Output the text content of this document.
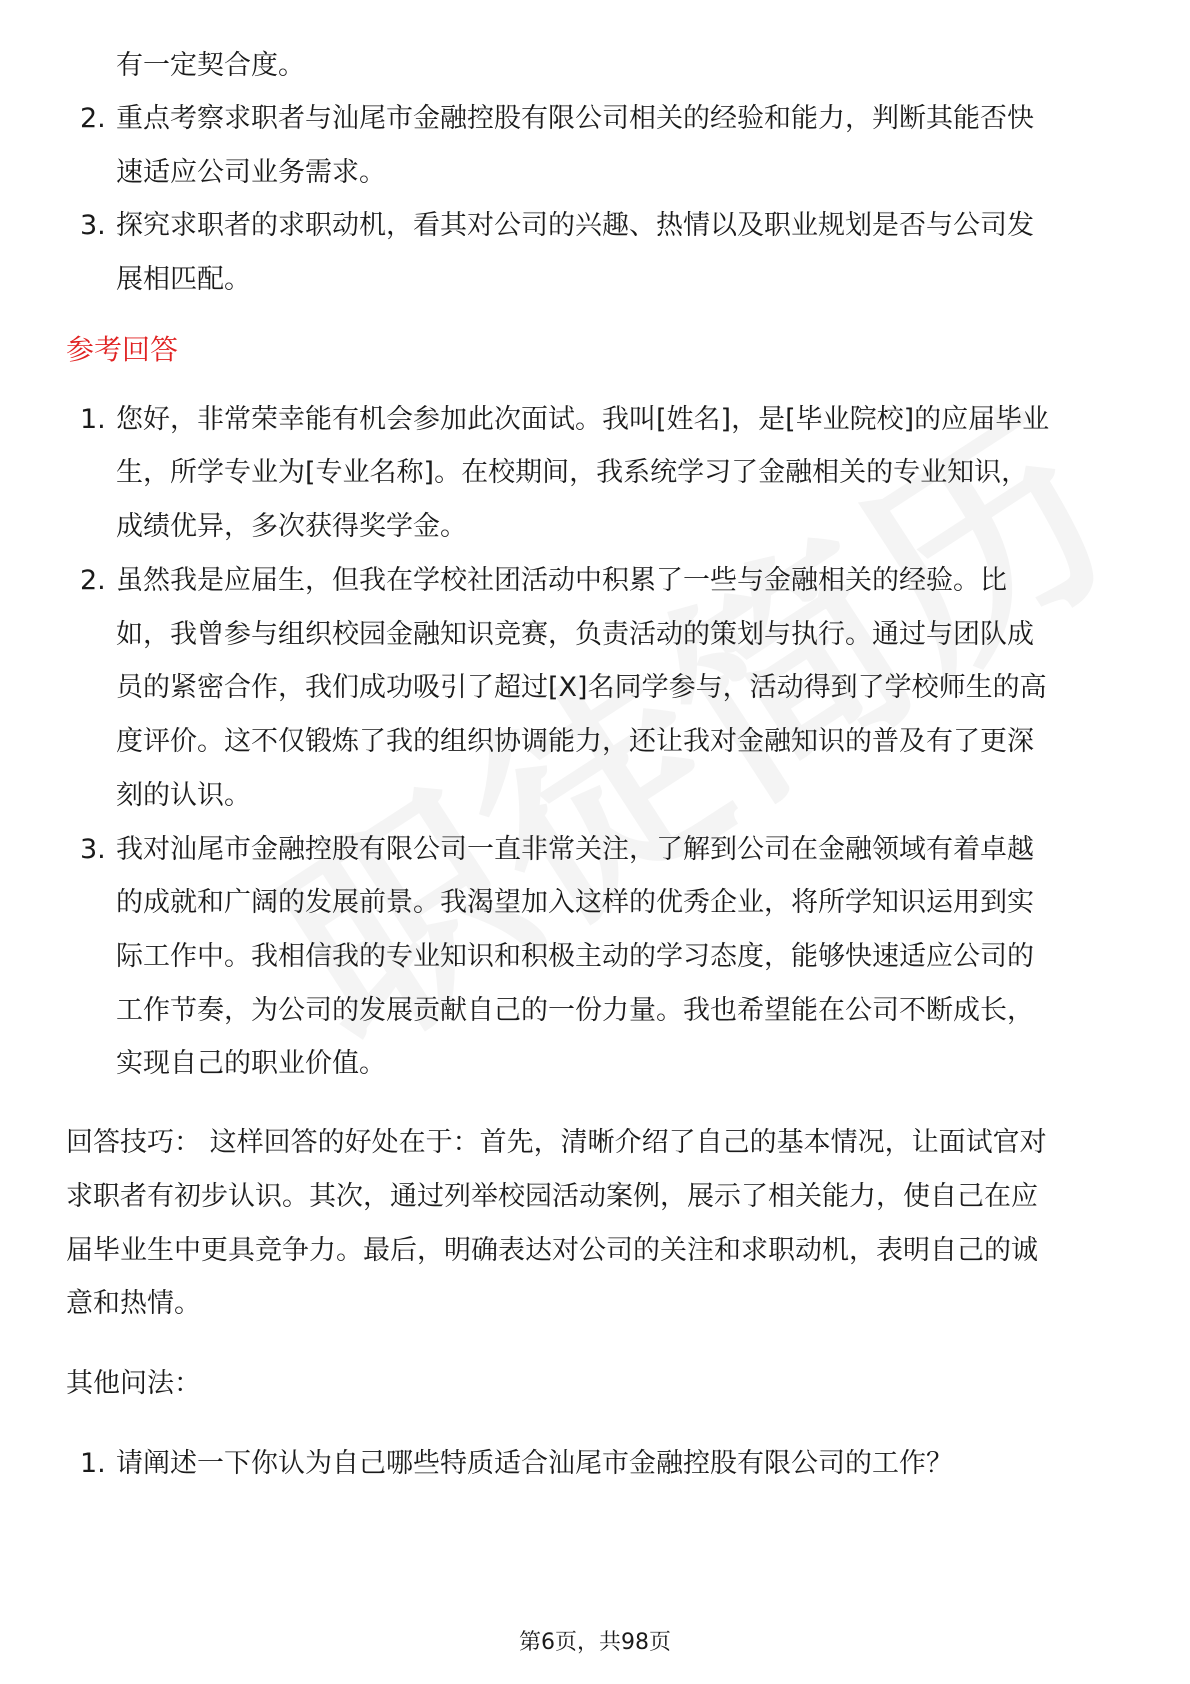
有一定契合度。
2. 重点考察求职者与汕尾市金融控股有限公司相关的经验和能力，判断其能否快
速适应公司业务需求。
3. 探究求职者的求职动机，看其对公司的兴趣、热情以及职业规划是否与公司发
展相匹配。
参考回答
1. 您好，非常荣幸能有机会参加此次面试。我叫[姓名]，是[毕业院校]的应届毕业
生，所学专业为[专业名称]。在校期间，我系统学习了金融相关的专业知识，
成绩优异，多次获得奖学金。
2. 虽然我是应届生，但我在学校社团活动中积累了一些与金融相关的经验。比
如，我曾参与组织校园金融知识竞赛，负责活动的策划与执行。通过与团队成
员的紧密合作，我们成功吸引了超过[X]名同学参与，活动得到了学校师生的高
度评价。这不仅锻炼了我的组织协调能力，还让我对金融知识的普及有了更深
刻的认识。
3. 我对汕尾市金融控股有限公司一直非常关注，了解到公司在金融领域有着卓越
的成就和广阔的发展前景。我渴望加入这样的优秀企业，将所学知识运用到实
际工作中。我相信我的专业知识和积极主动的学习态度，能够快速适应公司的
工作节奏，为公司的发展贡献自己的一份力量。我也希望能在公司不断成长，
实现自己的职业价值。
回答技巧： 这样回答的好处在于：首先，清晰介绍了自己的基本情况，让面试官对
求职者有初步认识。其次，通过列举校园活动案例，展示了相关能力，使自己在应
届毕业生中更具竞争力。最后，明确表达对公司的关注和求职动机，表明自己的诚
意和热情。
其他问法：
1. 请阐述一下你认为自己哪些特质适合汕尾市金融控股有限公司的工作？
第6页，共98页
